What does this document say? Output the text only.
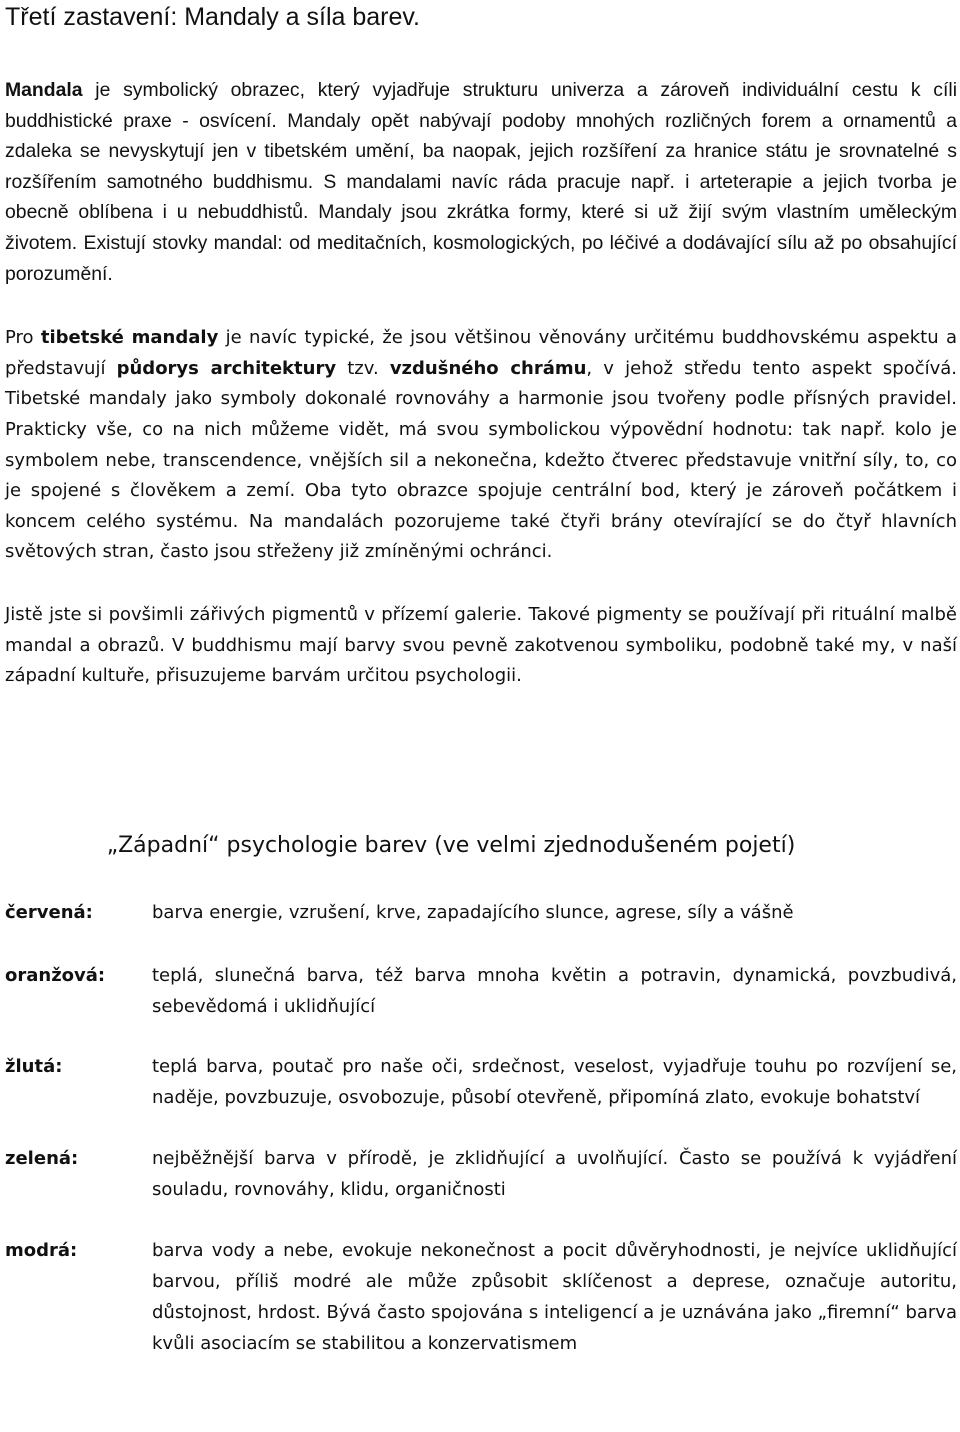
Třetí zastavení: Mandaly a síla barev.

Mandala je symbolický obrazec, který vyjadřuje strukturu univerza a zároveň individuální cestu k cíli buddhistické praxe - osvícení. Mandaly opět nabývají podoby mnohých rozličných forem a ornamentů a zdaleka se nevyskytují jen v tibetském umění, ba naopak, jejich rozšíření za hranice státu je srovnatelné s rozšířením samotného buddhismu. S mandalami navíc ráda pracuje např. i arteterapie a jejich tvorba je obecně oblíbena i u nebuddhistů. Mandaly jsou zkrátka formy, které si už žijí svým vlastním uměleckým životem. Existují stovky mandal: od meditačních, kosmologických, po léčivé a dodávající sílu až po obsahující porozumění.

Pro tibetské mandaly je navíc typické, že jsou většinou věnovány určitému buddhovskému aspektu a představují půdorys architektury tzv. vzdušného chrámu, v jehož středu tento aspekt spočívá. Tibetské mandaly jako symboly dokonalé rovnováhy a harmonie jsou tvořeny podle přísných pravidel. Prakticky vše, co na nich můžeme vidět, má svou symbolickou výpovědní hodnotu: tak např. kolo je symbolem nebe, transcendence, vnějších sil a nekonečna, kdežto čtverec představuje vnitřní síly, to, co je spojené s člověkem a zemí. Oba tyto obrazce spojuje centrální bod, který je zároveň počátkem i koncem celého systému. Na mandalách pozorujeme také čtyři brány otevírající se do čtyř hlavních světových stran, často jsou střeženy již zmíněnými ochránci.

Jistě jste si povšimli zářivých pigmentů v přízemí galerie. Takové pigmenty se používají při rituální malbě mandal a obrazů. V buddhismu mají barvy svou pevně zakotvenou symboliku, podobně také my, v naší západní kultuře, přisuzujeme barvám určitou psychologii.

„Západní“ psychologie barev (ve velmi zjednodušeném pojetí)
červená:	barva energie, vzrušení, krve, zapadajícího slunce, agrese, síly a vášně
oranžová:	teplá, slunečná barva, též barva mnoha květin a potravin, dynamická, povzbudivá, sebevědomá i uklidňující
žlutá:	teplá barva, poutač pro naše oči, srdečnost, veselost, vyjadřuje touhu po rozvíjení se, naděje, povzbuzuje, osvobozuje, působí otevřeně, připomíná zlato, evokuje bohatství
zelená:	nejběžnější barva v přírodě, je zklidňující a uvolňující. Často se používá k vyjádření souladu, rovnováhy, klidu, organičnosti
modrá:	barva vody a nebe, evokuje nekonečnost a pocit důvěryhodnosti, je nejvíce uklidňující barvou, příliš modré ale může způsobit sklíčenost a deprese, označuje autoritu, důstojnost, hrdost. Bývá často spojována s inteligencí a je uznávána jako „firemní“ barva kvůli asociacím se stabilitou a konzervatismem
